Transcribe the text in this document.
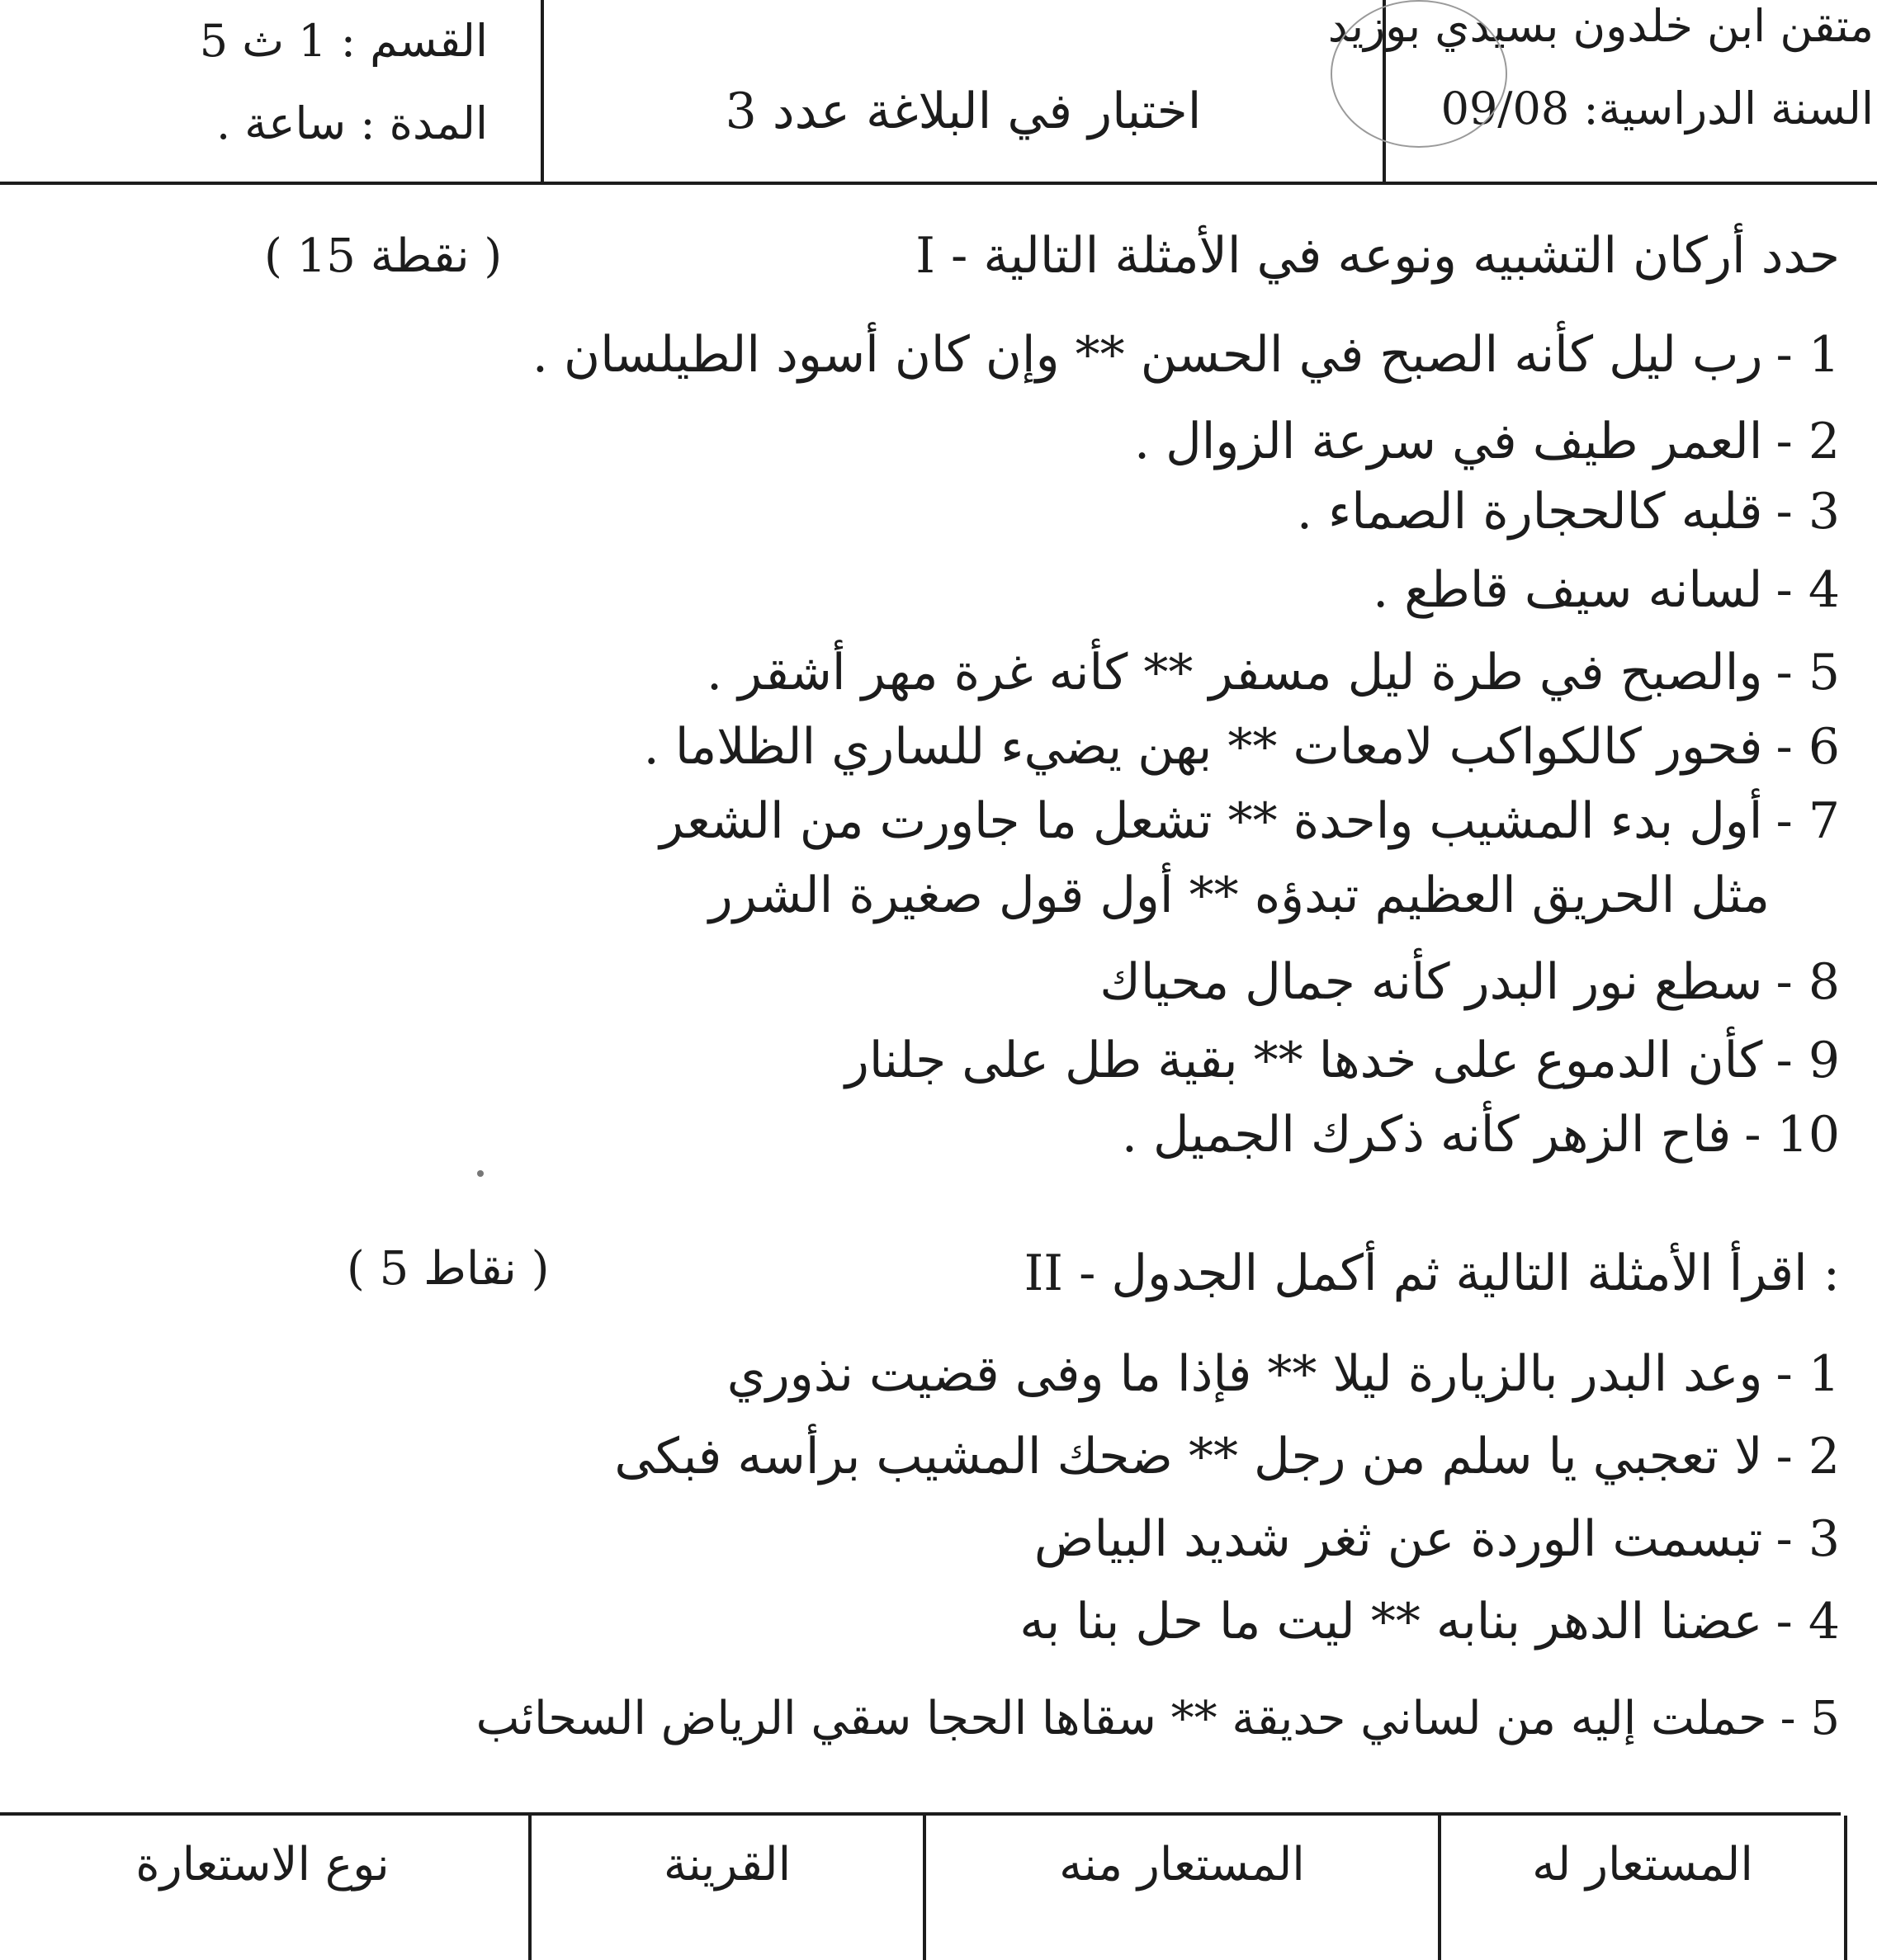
متقن ابن خلدون بسيدي بوزيد
السنة الدراسية: 09/08
اختبار في البلاغة عدد 3
القسم : 1 ث 5
المدة : ساعة .
I - حدد أركان التشبيه ونوعه في الأمثلة التالية
( 15 نقطة )
1 -رب ليل كأنه الصبح في الحسن ** وإن كان أسود الطيلسان .
2 -العمر طيف في سرعة الزوال .
3 -قلبه كالحجارة الصماء .
4 -لسانه سيف قاطع .
5 -والصبح في طرة ليل مسفر ** كأنه غرة مهر أشقر .
6 -فحور كالكواكب لامعات ** بهن يضيء للساري الظلاما .
7 -أول بدء المشيب واحدة ** تشعل ما جاورت من الشعر
مثل الحريق العظيم تبدؤه ** أول قول صغيرة الشرر
8 -سطع نور البدر كأنه جمال محياك
9 -كأن الدموع على خدها ** بقية طل على جلنار
10 -فاح الزهر كأنه ذكرك الجميل .
II - اقرأ الأمثلة التالية ثم أكمل الجدول :
( 5 نقاط )
1 -وعد البدر بالزيارة ليلا ** فإذا ما وفى قضيت نذوري
2 -لا تعجبي يا سلم من رجل ** ضحك المشيب برأسه فبكى
3 -تبسمت الوردة عن ثغر شديد البياض
4 -عضنا الدهر بنابه ** ليت ما حل بنا به
5 -حملت إليه من لساني حديقة ** سقاها الحجا سقي الرياض السحائب
المستعار له
المستعار منه
القرينة
نوع الاستعارة
